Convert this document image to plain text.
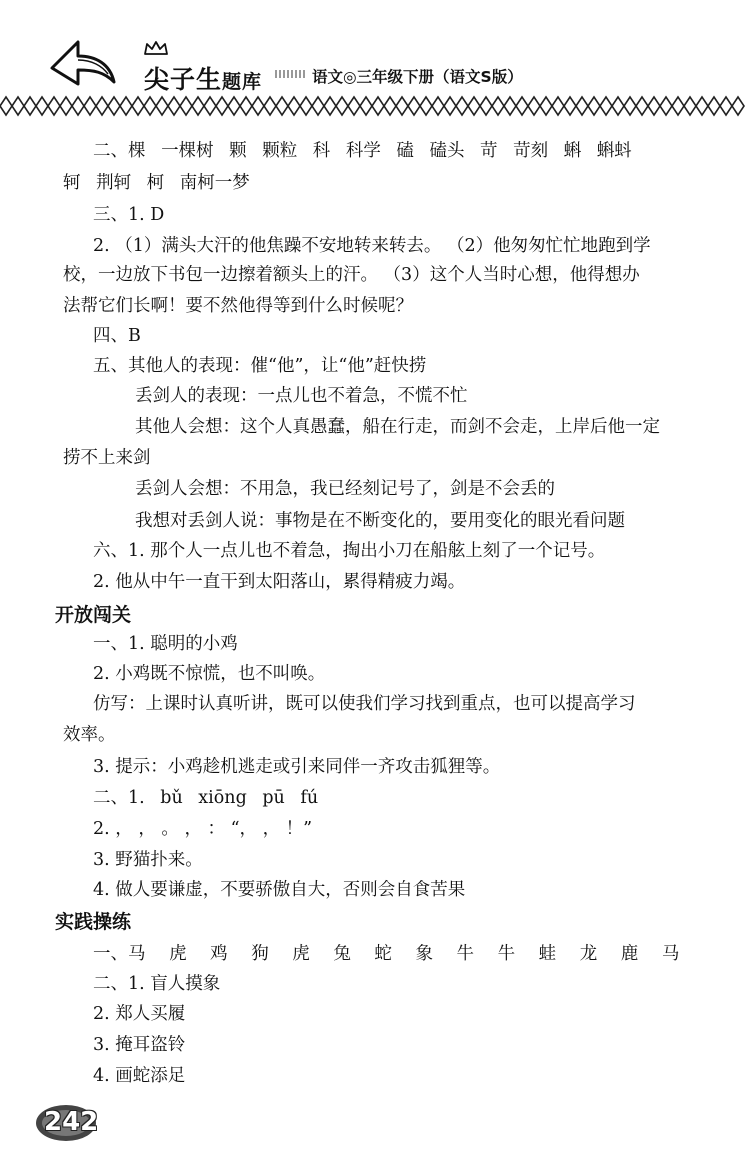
尖子生题库	语文◎三年级下册（语文S版）
二、棵 一棵树 颗 颗粒 科 科学 磕 磕头 苛 苛刻 蝌 蝌蚪
轲 荆轲 柯 南柯一梦
三、1. D
2. （1）满头大汗的他焦躁不安地转来转去。 （2）他匆匆忙忙地跑到学
校，一边放下书包一边擦着额头上的汗。 （3）这个人当时心想，他得想办
法帮它们长啊！要不然他得等到什么时候呢？
四、B
五、其他人的表现：催“他”，让“他”赶快捞
丢剑人的表现：一点儿也不着急，不慌不忙
其他人会想：这个人真愚蠢，船在行走，而剑不会走，上岸后他一定
捞不上来剑
丢剑人会想：不用急，我已经刻记号了，剑是不会丢的
我想对丢剑人说：事物是在不断变化的，要用变化的眼光看问题
六、1. 那个人一点儿也不着急，掏出小刀在船舷上刻了一个记号。
2. 他从中午一直干到太阳落山，累得精疲力竭。
开放闯关
一、1. 聪明的小鸡
2. 小鸡既不惊慌，也不叫唤。
仿写：上课时认真听讲，既可以使我们学习找到重点，也可以提高学习
效率。
3. 提示：小鸡趁机逃走或引来同伴一齐攻击狐狸等。
二、1. bǔ xiōng pū fú
2. ， ， 。 ， ： “， ， ！”
3. 野猫扑来。
4. 做人要谦虚，不要骄傲自大，否则会自食苦果
实践操练
一、马 虎 鸡 狗 虎 兔 蛇 象 牛 牛 蛙 龙 鹿 马
二、1. 盲人摸象
2. 郑人买履
3. 掩耳盗铃
4. 画蛇添足
242
